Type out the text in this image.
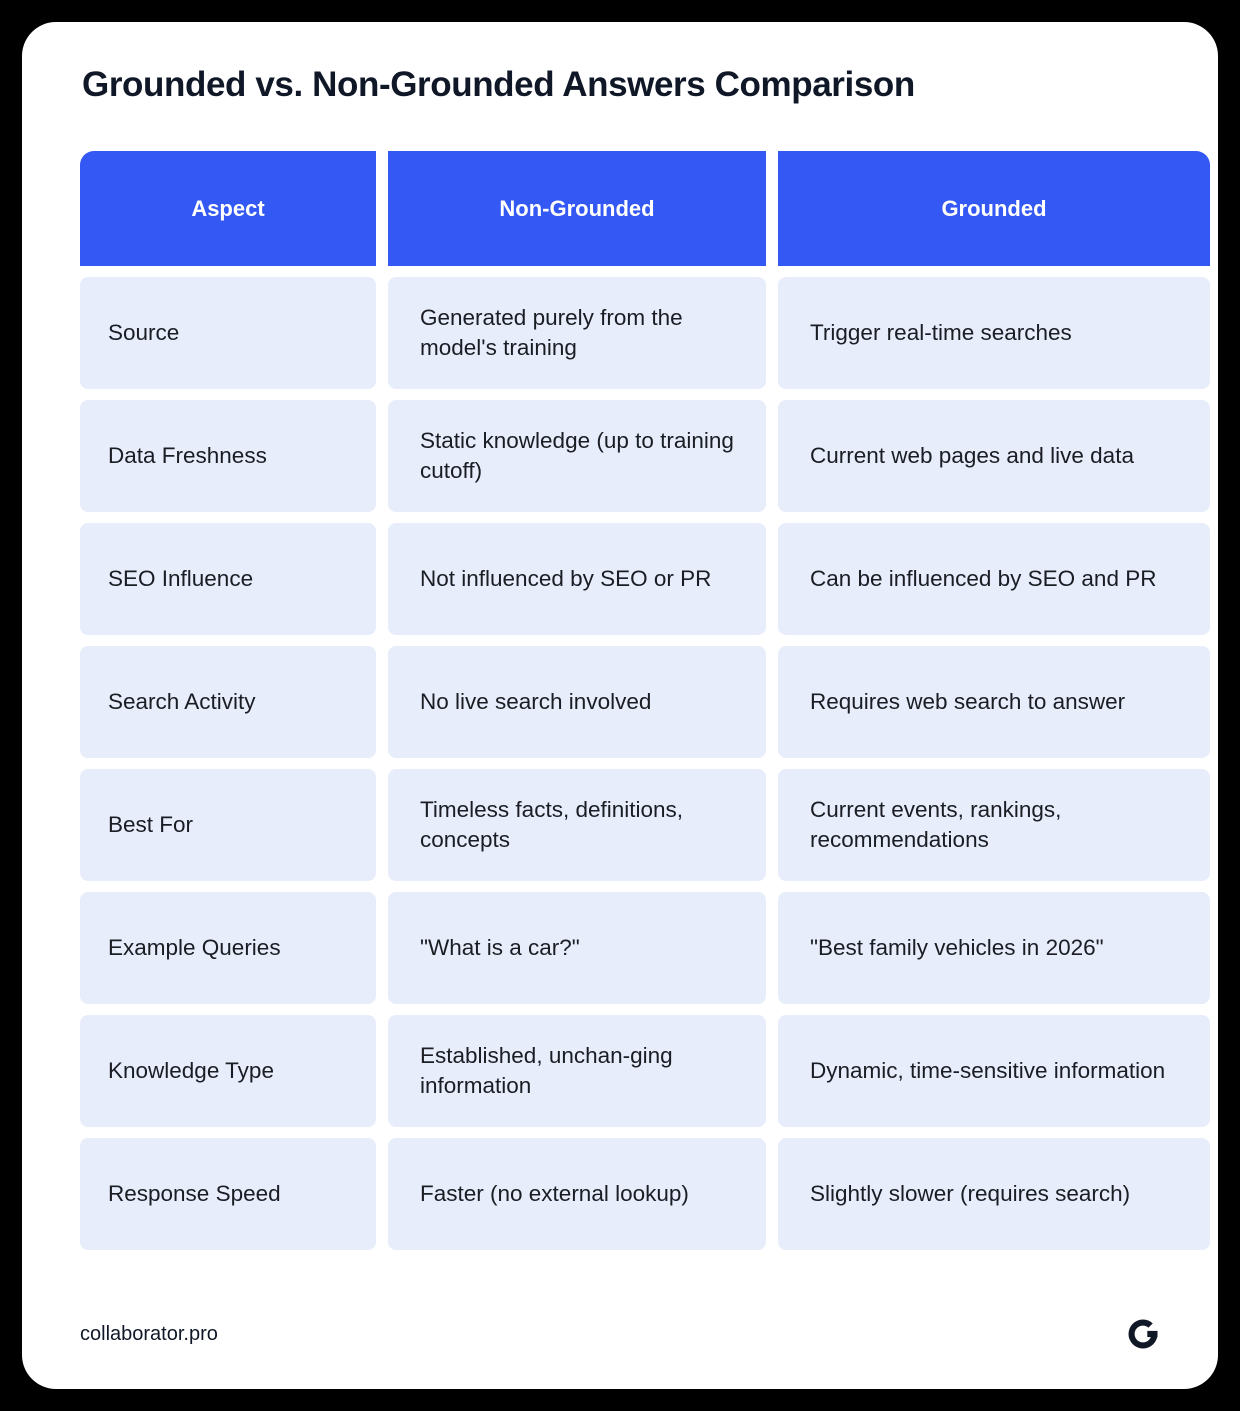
Grounded vs. Non-Grounded Answers Comparison
Aspect	Non-Grounded	Grounded
Source	Generated purely from the model's training	Trigger real-time searches
Data Freshness	Static knowledge (up to training cutoff)	Current web pages and live data
SEO Influence	Not influenced by SEO or PR	Can be influenced by SEO and PR
Search Activity	No live search involved	Requires web search to answer
Best For	Timeless facts, definitions, concepts	Current events, rankings, recommendations
Example Queries	"What is a car?"	"Best family vehicles in 2026"
Knowledge Type	Established, unchan-ging information	Dynamic, time-sensitive information
Response Speed	Faster (no external lookup)	Slightly slower (requires search)
collaborator.pro
